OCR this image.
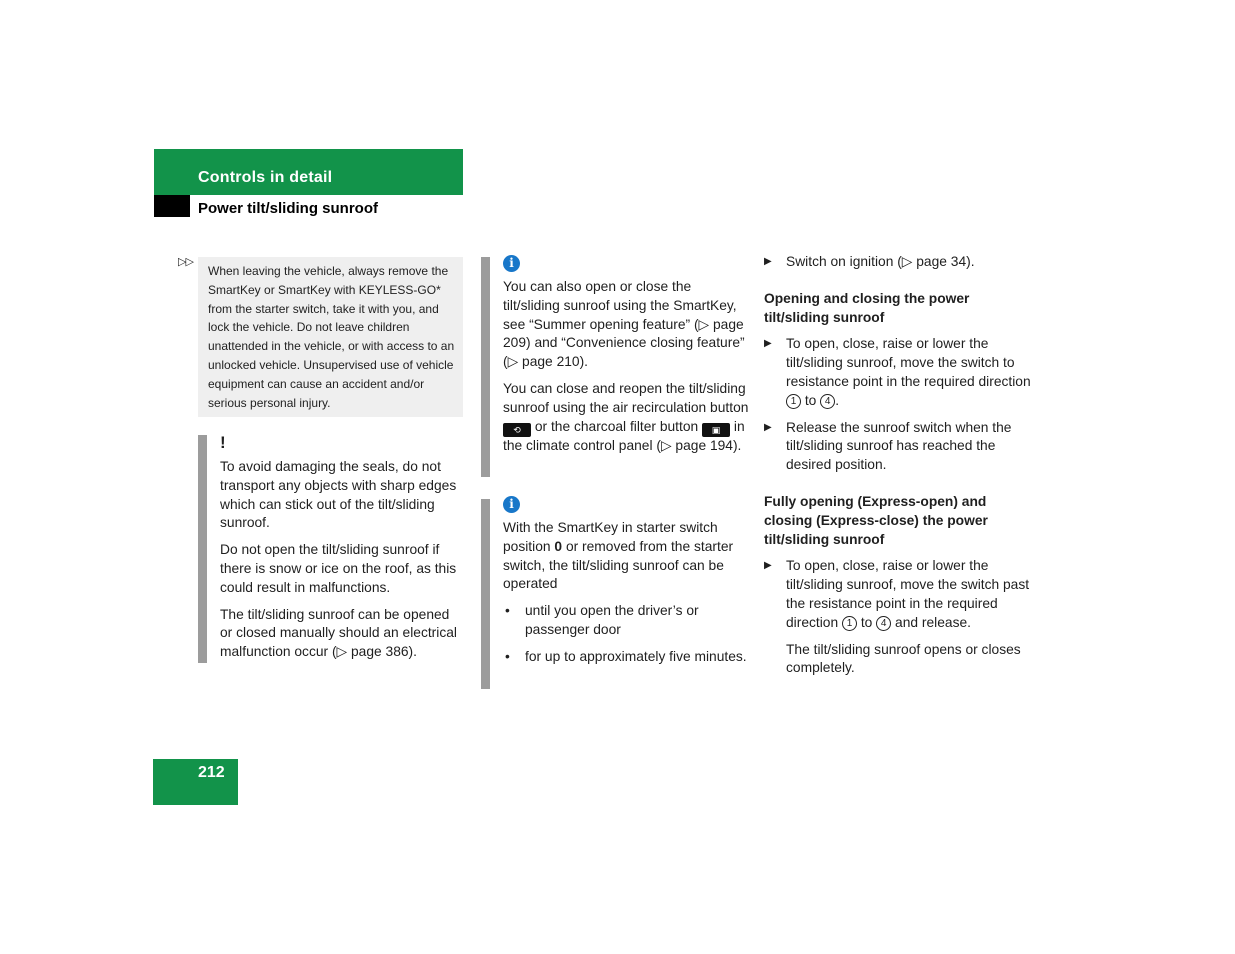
Controls in detail
Power tilt/sliding sunroof
▷▷
When leaving the vehicle, always remove the SmartKey or SmartKey with KEYLESS-GO* from the starter switch, take it with you, and lock the vehicle. Do not leave children unattended in the vehicle, or with access to an unlocked vehicle. Unsupervised use of vehicle equipment can cause an accident and/or serious personal injury.
!

To avoid damaging the seals, do not transport any objects with sharp edges which can stick out of the tilt/sliding sunroof.

Do not open the tilt/sliding sunroof if there is snow or ice on the roof, as this could result in malfunctions.

The tilt/sliding sunroof can be opened or closed manually should an electrical malfunction occur (▷ page 386).

i

You can also open or close the tilt/sliding sunroof using the SmartKey, see “Summer opening feature” (▷ page 209) and “Convenience closing feature” (▷ page 210).

You can close and reopen the tilt/sliding sunroof using the air recirculation button ⟲ or the charcoal filter button ▣ in the climate control panel (▷ page 194).

i

With the SmartKey in starter switch position 0 or removed from the starter switch, the tilt/sliding sunroof can be operated

• until you open the driver’s or passenger door
• for up to approximately five minutes.
▶ Switch on ignition (▷ page 34).

Opening and closing the power tilt/sliding sunroof

▶ To open, close, raise or lower the tilt/sliding sunroof, move the switch to resistance point in the required direction 1 to 4 .
▶ Release the sunroof switch when the tilt/sliding sunroof has reached the desired position.

Fully opening (Express-open) and closing (Express-close) the power tilt/sliding sunroof

▶ To open, close, raise or lower the tilt/sliding sunroof, move the switch past the resistance point in the required direction 1 to 4 and release.

The tilt/sliding sunroof opens or closes completely.

212
